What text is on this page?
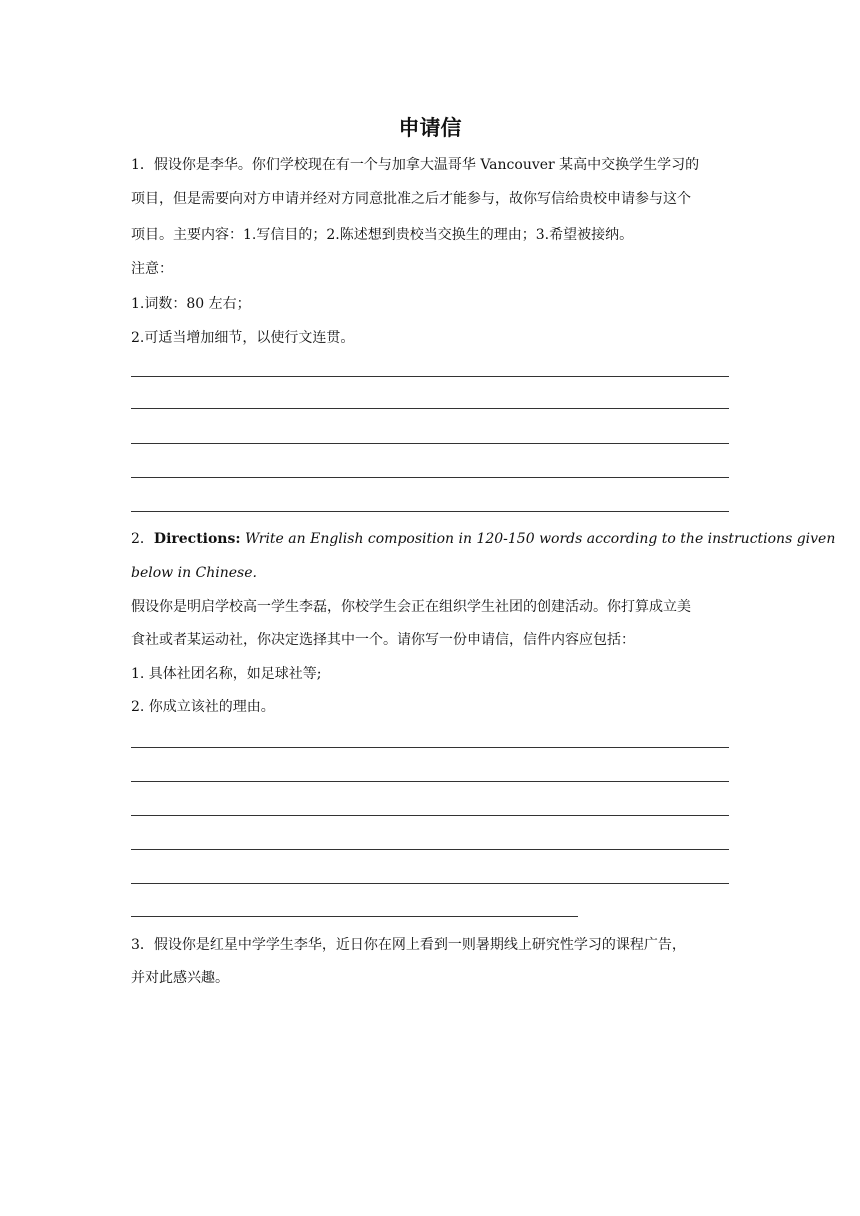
申请信
1．假设你是李华。你们学校现在有一个与加拿大温哥华 Vancouver 某高中交换学生学习的
项目，但是需要向对方申请并经对方同意批准之后才能参与，故你写信给贵校申请参与这个
项目。主要内容：1.写信目的；2.陈述想到贵校当交换生的理由；3.希望被接纳。
注意：
1.词数：80 左右；
2.可适当增加细节，以使行文连贯。
2．Directions: Write an English composition in 120-150 words according to the instructions given
below in Chinese.
假设你是明启学校高一学生李磊，你校学生会正在组织学生社团的创建活动。你打算成立美
食社或者某运动社，你决定选择其中一个。请你写一份申请信，信件内容应包括：
1. 具体社团名称，如足球社等;
2. 你成立该社的理由。
3．假设你是红星中学学生李华，近日你在网上看到一则暑期线上研究性学习的课程广告，
并对此感兴趣。
